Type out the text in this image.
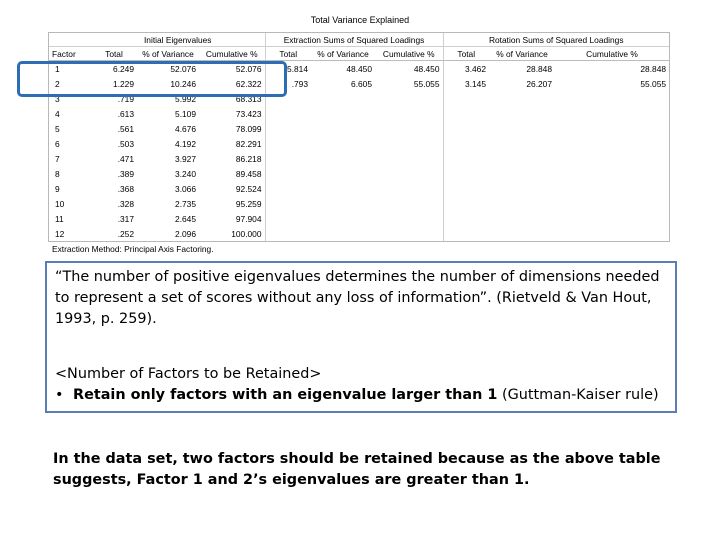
Total Variance Explained
	Initial Eigenvalues			Extraction Sums of Squared Loadings			Rotation Sums of Squared Loadings		
Factor	Total	% of Variance	Cumulative %	Total	% of Variance	Cumulative %	Total	% of Variance	Cumulative %
1	6.249	52.076	52.076	5.814	48.450	48.450	3.462	28.848	28.848
2	1.229	10.246	62.322	.793	6.605	55.055	3.145	26.207	55.055
3	.719	5.992	68.313						
4	.613	5.109	73.423						
5	.561	4.676	78.099						
6	.503	4.192	82.291						
7	.471	3.927	86.218						
8	.389	3.240	89.458						
9	.368	3.066	92.524						
10	.328	2.735	95.259						
11	.317	2.645	97.904						
12	.252	2.096	100.000						
Extraction Method: Principal Axis Factoring.

“The number of positive eigenvalues determines the number of dimensions needed to represent a set of scores without any loss of information”. (Rietveld & Van Hout, 1993, p. 259).

<Number of Factors to be Retained>

• Retain only factors with an eigenvalue larger than 1 (Guttman-Kaiser rule)

In the data set, two factors should be retained because as the above table suggests, Factor 1 and 2’s eigenvalues are greater than 1.
